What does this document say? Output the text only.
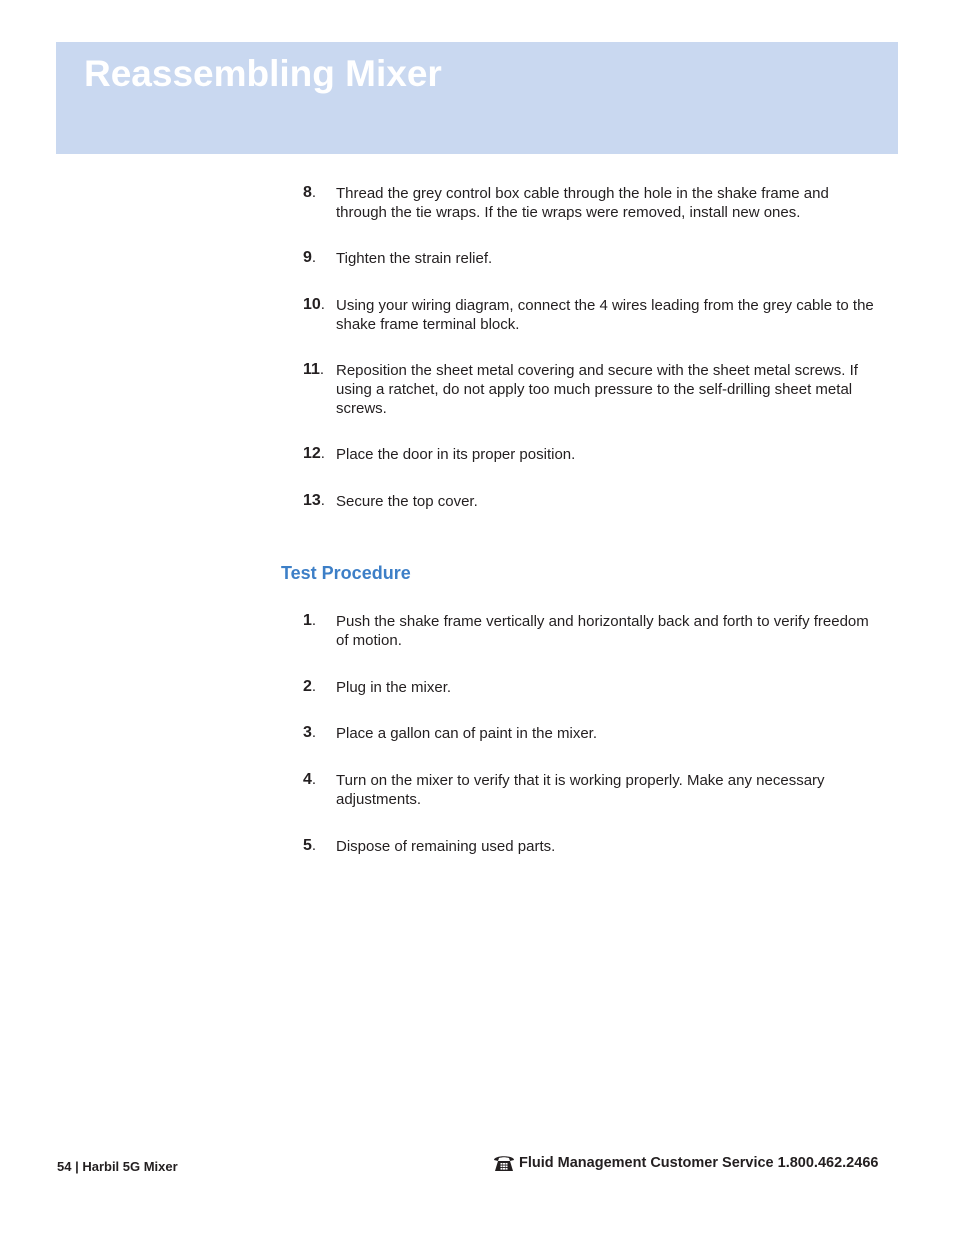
Reassembling Mixer
8. Thread the grey control box cable through the hole in the shake frame and through the tie wraps. If the tie wraps were removed, install new ones.
9. Tighten the strain relief.
10. Using your wiring diagram, connect the 4 wires leading from the grey cable to the shake frame terminal block.
11. Reposition the sheet metal covering and secure with the sheet metal screws. If using a ratchet, do not apply too much pressure to the self-drilling sheet metal screws.
12. Place the door in its proper position.
13. Secure the top cover.
Test Procedure
1. Push the shake frame vertically and horizontally back and forth to verify freedom of motion.
2. Plug in the mixer.
3. Place a gallon can of paint in the mixer.
4. Turn on the mixer to verify that it is working properly. Make any necessary adjustments.
5. Dispose of remaining used parts.
54 | Harbil 5G Mixer	Fluid Management Customer Service 1.800.462.2466
